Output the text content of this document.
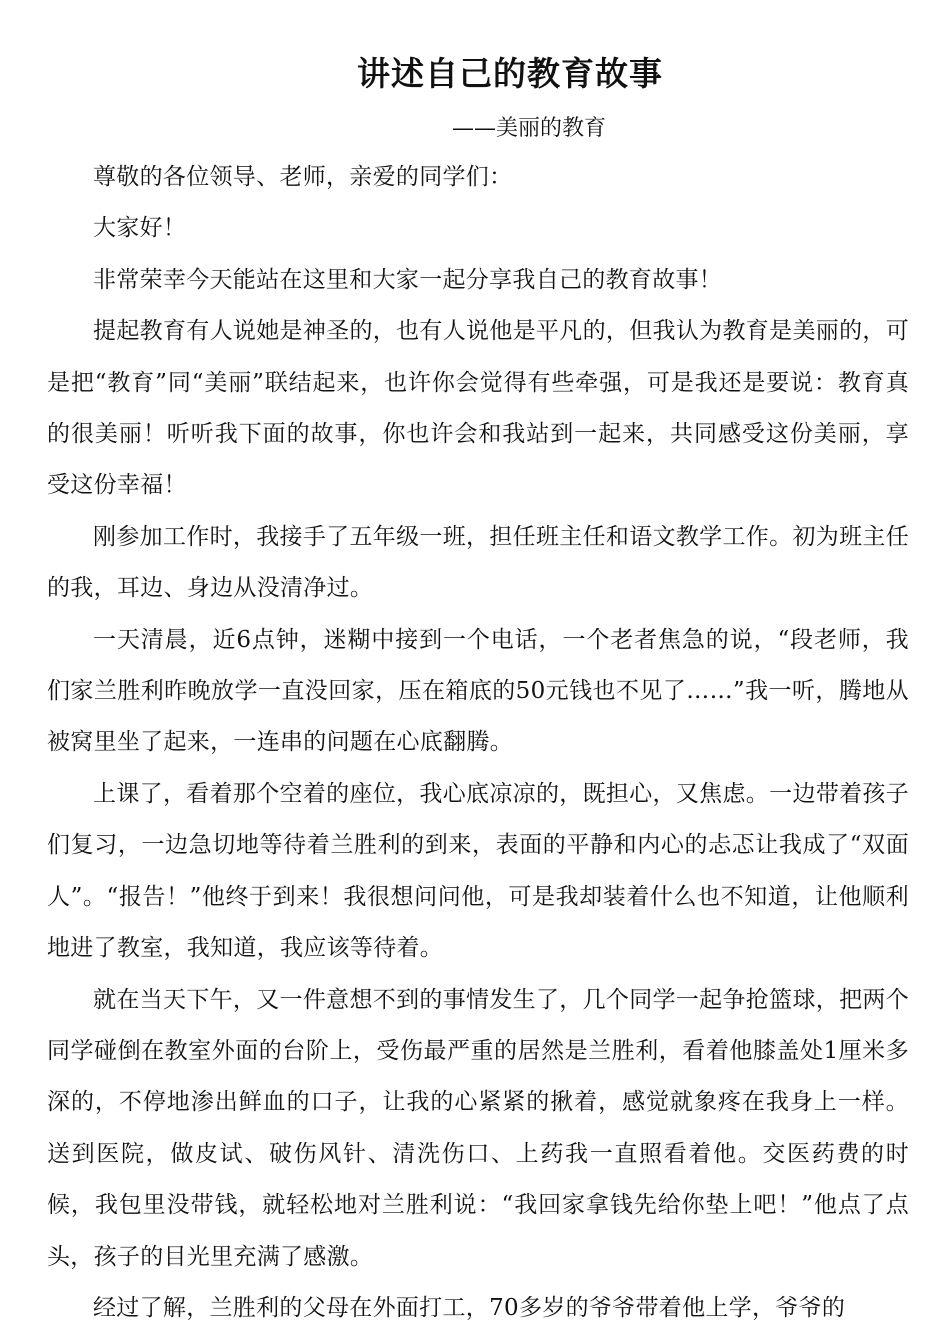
讲述自己的教育故事
——美丽的教育

尊敬的各位领导、老师，亲爱的同学们：

大家好！

非常荣幸今天能站在这里和大家一起分享我自己的教育故事！

提起教育有人说她是神圣的，也有人说他是平凡的，但我认为教育是美丽的，可是把“教育”同“美丽”联结起来，也许你会觉得有些牵强，可是我还是要说：教育真的很美丽！听听我下面的故事，你也许会和我站到一起来，共同感受这份美丽，享受这份幸福！

刚参加工作时，我接手了五年级一班，担任班主任和语文教学工作。初为班主任的我，耳边、身边从没清净过。

一天清晨，近6点钟，迷糊中接到一个电话，一个老者焦急的说，“段老师，我们家兰胜利昨晚放学一直没回家，压在箱底的50元钱也不见了……”我一听，腾地从被窝里坐了起来，一连串的问题在心底翻腾。

上课了，看着那个空着的座位，我心底凉凉的，既担心，又焦虑。一边带着孩子们复习，一边急切地等待着兰胜利的到来，表面的平静和内心的忐忑让我成了“双面人”。“报告！”他终于到来！我很想问问他，可是我却装着什么也不知道，让他顺利地进了教室，我知道，我应该等待着。

就在当天下午，又一件意想不到的事情发生了，几个同学一起争抢篮球，把两个同学碰倒在教室外面的台阶上，受伤最严重的居然是兰胜利，看着他膝盖处1厘米多深的，不停地渗出鲜血的口子，让我的心紧紧的揪着，感觉就象疼在我身上一样。送到医院，做皮试、破伤风针、清洗伤口、上药我一直照看着他。交医药费的时候，我包里没带钱，就轻松地对兰胜利说：“我回家拿钱先给你垫上吧！”他点了点头，孩子的目光里充满了感激。

经过了解，兰胜利的父母在外面打工，70多岁的爷爷带着他上学，爷爷的
